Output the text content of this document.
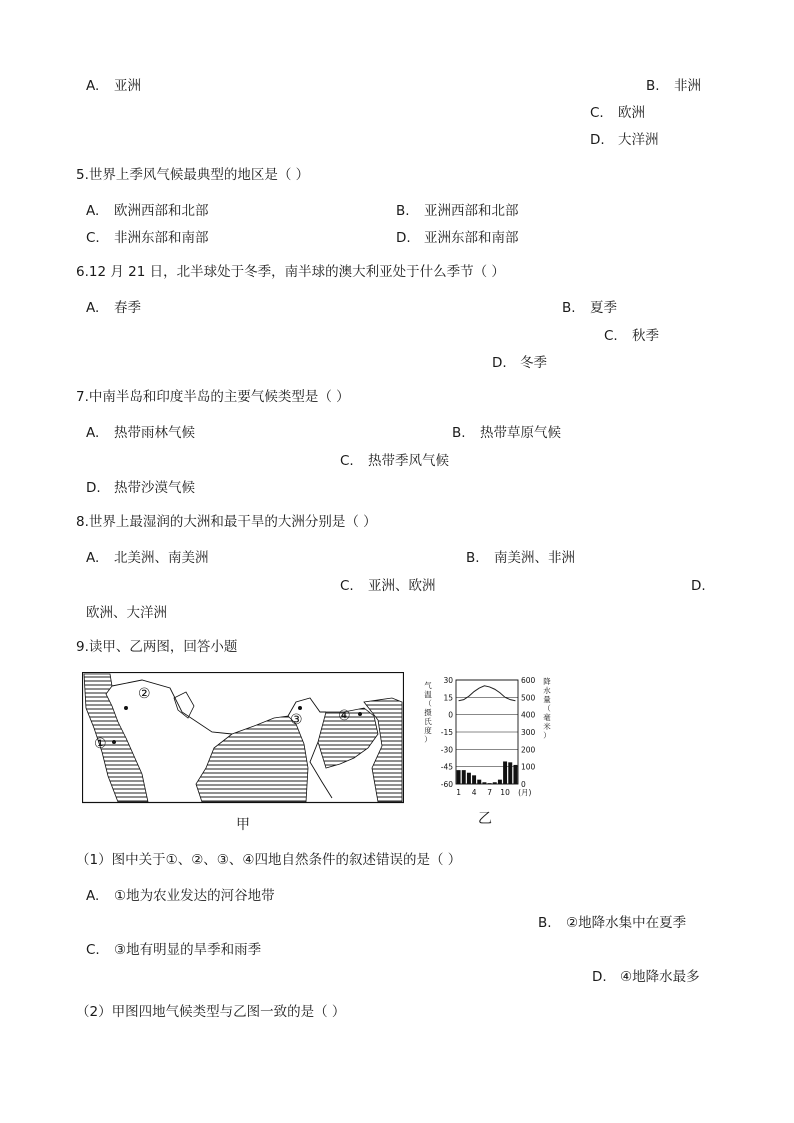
A. 亚洲	B. 非洲
C. 欧洲
D. 大洋洲
5.世界上季风气候最典型的地区是（ ）
A. 欧洲西部和北部	B. 亚洲西部和北部
C. 非洲东部和南部	D. 亚洲东部和南部
6.12 月 21 日，北半球处于冬季，南半球的澳大利亚处于什么季节（ ）
A. 春季	B. 夏季
C. 秋季
D. 冬季
7.中南半岛和印度半岛的主要气候类型是（ ）
A. 热带雨林气候	B. 热带草原气候
C. 热带季风气候
D. 热带沙漠气候
8.世界上最湿润的大洲和最干旱的大洲分别是（ ）
A. 北美洲、南美洲	B. 南美洲、非洲
C. 亚洲、欧洲	D.
欧洲、大洋洲
9.读甲、乙两图，回答小题
①
②
③	④
甲
30
15
0
-15
-30
-45
-60
600
500
400
300
200
100
0
气
温
（
摄
氏
度
）
降
水
量
（
毫
米
）
1 4 7 10 (月)
乙
（1）图中关于①、②、③、④四地自然条件的叙述错误的是（ ）
A. ①地为农业发达的河谷地带
B. ②地降水集中在夏季
C. ③地有明显的旱季和雨季
D. ④地降水最多
（2）甲图四地气候类型与乙图一致的是（ ）
